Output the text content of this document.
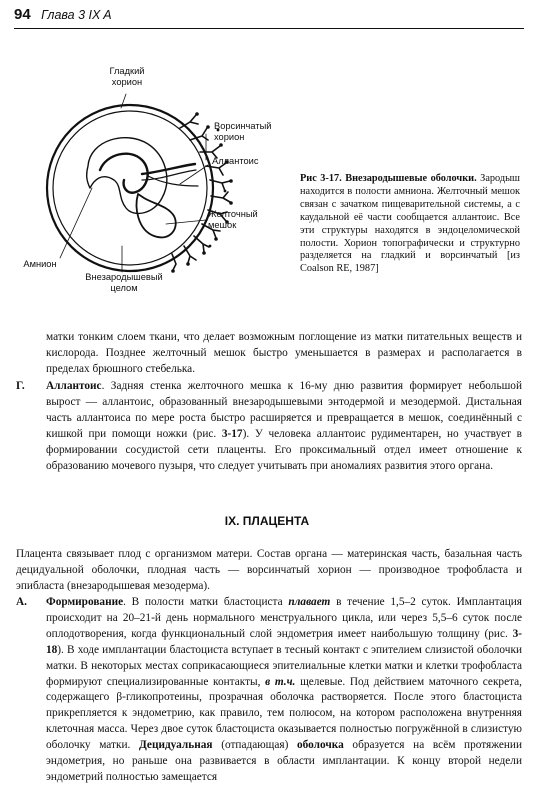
94 Глава 3 IX A
Гладкий
хорион
Ворсинчатый
хорион
Аллантоис
Желточный
мешок
Амнион
Внезародышевый
целом
Рис 3-17. Внезародышевые оболочки. Зародыш находится в полости амниона. Желточный мешок связан с зачатком пищеварительной системы, а с каудальной её части сообщается аллантоис. Все эти структуры находятся в эндоцеломической полости. Хорион топографически и структурно разделяется на гладкий и ворсинчатый [из Coalson RE, 1987]
матки тонким слоем ткани, что делает возможным поглощение из матки питательных веществ и кислорода. Позднее желточный мешок быстро уменьшается в размерах и располагается в пределах брюшного стебелька.
Г. Аллантоис. Задняя стенка желточного мешка к 16-му дню развития формирует небольшой вырост — аллантоис, образованный внезародышевыми энтодермой и мезодермой. Дистальная часть аллантоиса по мере роста быстро расширяется и превращается в мешок, соединённый с кишкой при помощи ножки (рис. 3-17). У человека аллантоис рудиментарен, но участвует в формировании сосудистой сети плаценты. Его проксимальный отдел имеет отношение к образованию мочевого пузыря, что следует учитывать при аномалиях развития этого органа.
IX. ПЛАЦЕНТА
Плацента связывает плод с организмом матери. Состав органа — материнская часть, базальная часть децидуальной оболочки, плодная часть — ворсинчатый хорион — производное трофобласта и эпибласта (внезародышевая мезодерма).
А. Формирование. В полости матки бластоциста плавает в течение 1,5–2 суток. Имплантация происходит на 20–21-й день нормального менструального цикла, или через 5,5–6 суток после оплодотворения, когда функциональный слой эндометрия имеет наибольшую толщину (рис. 3-18). В ходе имплантации бластоциста вступает в тесный контакт с эпителием слизистой оболочки матки. В некоторых местах соприкасающиеся эпителиальные клетки матки и клетки трофобласта формируют специализированные контакты, в т.ч. щелевые. Под действием маточного секрета, содержащего β-гликопротеины, прозрачная оболочка растворяется. После этого бластоциста прикрепляется к эндометрию, как правило, тем полюсом, на котором расположена внутренняя клеточная масса. Через двое суток бластоциста оказывается полностью погружённой в слизистую оболочку матки. Децидуальная (отпадающая) оболочка образуется на всём протяжении эндометрия, но раньше она развивается в области имплантации. К концу второй недели эндометрий полностью замещается
